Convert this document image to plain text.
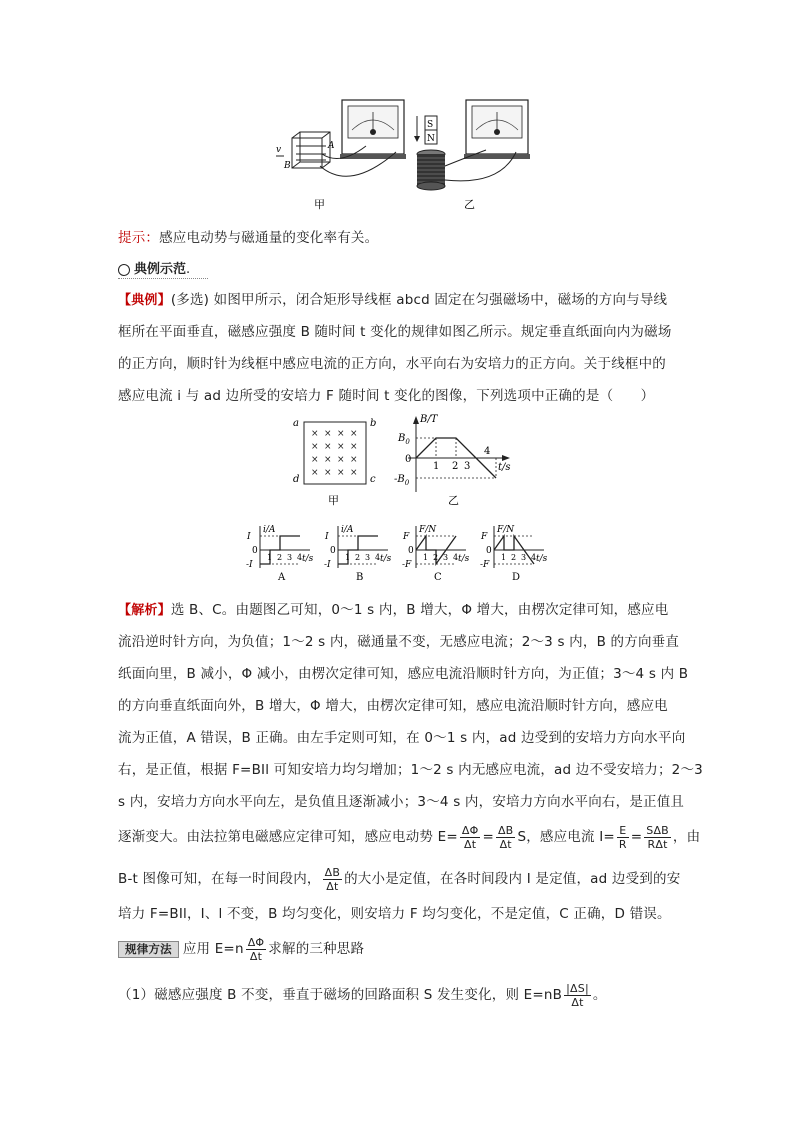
v	A
B
甲
S
N
乙
提示：感应电动势与磁通量的变化率有关。
典例示范.
【典例】(多选) 如图甲所示，闭合矩形导线框 abcd 固定在匀强磁场中，磁场的方向与导线
框所在平面垂直，磁感应强度 B 随时间 t 变化的规律如图乙所示。规定垂直纸面向内为磁场
的正方向，顺时针为线框中感应电流的正方向，水平向右为安培力的正方向。关于线框中的
感应电流 i 与 ad 边所受的安培力 F 随时间 t 变化的图像，下列选项中正确的是（　　）
× × × ×
× × × ×
× × × ×
× × × ×
a	b
c
d
甲
B/T
$B_0$
0
$-B_0$
t/s
1 2 3
4
乙
i/A
I
-I
0
1 2 3 4 t/s
A
i/A
I
-I
0
1 2 3 4 t/s
B
F/N
F
-F
0
1 2 3 4 t/s
C
F/N
F
-F
0
1 2 3 4 t/s
D
【解析】选 B、C。由题图乙可知，0～1 s 内，B 增大，Φ 增大，由楞次定律可知，感应电
流沿逆时针方向，为负值；1～2 s 内，磁通量不变，无感应电流；2～3 s 内，B 的方向垂直
纸面向里，B 减小，Φ 减小，由楞次定律可知，感应电流沿顺时针方向，为正值；3～4 s 内 B
的方向垂直纸面向外，B 增大，Φ 增大，由楞次定律可知，感应电流沿顺时针方向，感应电
流为正值，A 错误，B 正确。由左手定则可知，在 0～1 s 内，ad 边受到的安培力方向水平向
右，是正值，根据 F=BIl 可知安培力均匀增加；1～2 s 内无感应电流，ad 边不受安培力；2～3
s 内，安培力方向水平向左，是负值且逐渐减小；3～4 s 内，安培力方向水平向右，是正值且
逐渐变大。由法拉第电磁感应定律可知，感应电动势 $E= \frac{\Delta\Phi}{\Delta t} = \frac{\Delta B}{\Delta t}$ S，感应电流 $I= \frac{E}{R} = \frac{\text{SΔB}}{\text{RΔt}}$ ，由
B-t 图像可知，在每一时间段内， $\frac{\Delta B}{\Delta t}$ 的大小是定值，在各时间段内 I 是定值，ad 边受到的安
培力 F=BIl，I、l 不变，B 均匀变化，则安培力 F 均匀变化，不是定值，C 正确，D 错误。
规律方法 应用 $E=n \frac{\Delta\Phi}{\Delta t}$ 求解的三种思路
（1）磁感应强度 B 不变，垂直于磁场的回路面积 S 发生变化，则 $E=nB \frac{|\Delta S|}{\Delta t}$ 。
